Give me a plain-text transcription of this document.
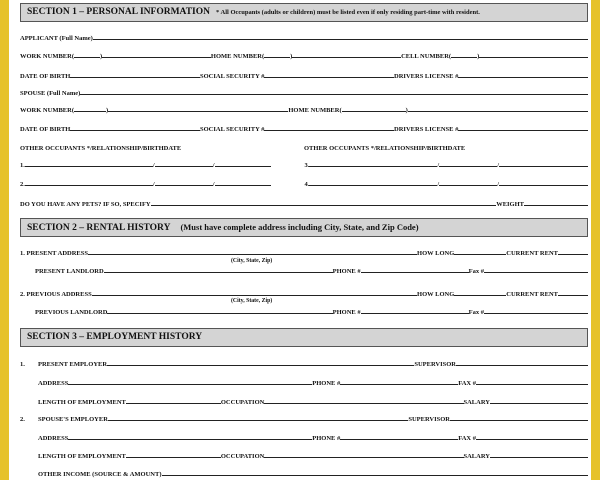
SECTION 1 – PERSONAL INFORMATION * All Occupants (adults or children) must be listed even if only residing part-time with resident.
APPLICANT (Full Name)
WORK NUMBER(	)	HOME NUMBER(	)	CELL NUMBER(	)
DATE OF BIRTH	SOCIAL SECURITY #	DRIVERS LICENSE #
SPOUSE (Full Name)
WORK NUMBER(	)	HOME NUMBER(	)
DATE OF BIRTH	SOCIAL SECURITY #	DRIVERS LICENSE #
OTHER OCCUPANTS */RELATIONSHIP/BIRTHDATE	OTHER OCCUPANTS */RELATIONSHIP/BIRTHDATE
1.	/	/	3.	/	/
2.	/	/	4.	/	/
DO YOU HAVE ANY PETS? IF SO, SPECIFY	WEIGHT
SECTION 2 – RENTAL HISTORY (Must have complete address including City, State, and Zip Code)
1. PRESENT ADDRESS	HOW LONG	CURRENT RENT
(City, State, Zip)
PRESENT LANDLORD	PHONE #	Fax #
2. PREVIOUS ADDRESS	HOW LONG	CURRENT RENT
(City, State, Zip)
PREVIOUS LANDLORD	PHONE #	Fax #
SECTION 3 – EMPLOYMENT HISTORY
1.	PRESENT EMPLOYER	SUPERVISOR
ADDRESS	PHONE #	FAX #
LENGTH OF EMPLOYMENT	OCCUPATION	SALARY
2.	SPOUSE'S EMPLOYER	SUPERVISOR
ADDRESS	PHONE #	FAX #
LENGTH OF EMPLOYMENT	OCCUPATION	SALARY
OTHER INCOME (SOURCE & AMOUNT)
